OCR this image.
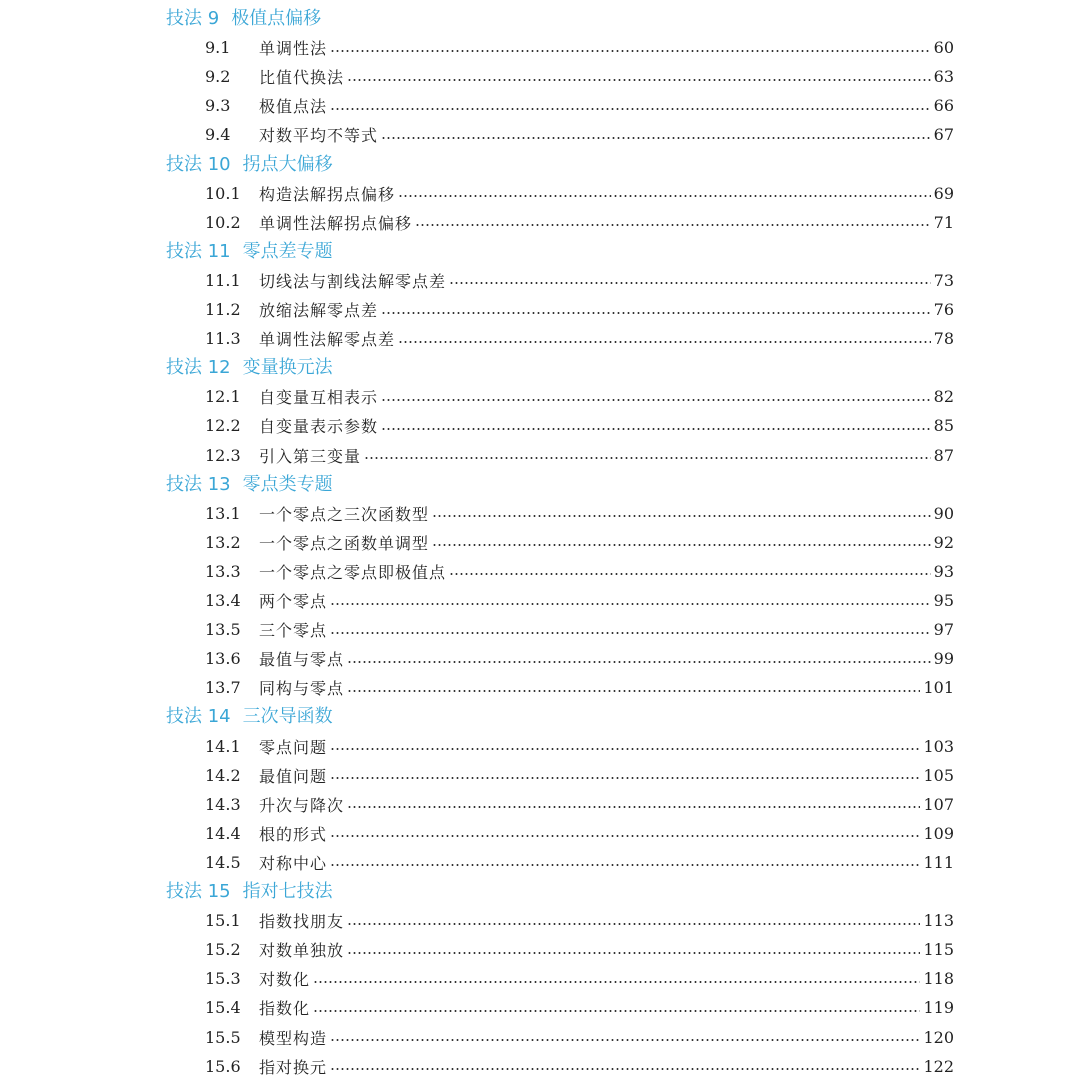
技法 9 极值点偏移
9.1	单调性法	60
9.2	比值代换法	63
9.3	极值点法	66
9.4	对数平均不等式	67
技法 10 拐点大偏移
10.1	构造法解拐点偏移	69
10.2	单调性法解拐点偏移	71
技法 11 零点差专题
11.1	切线法与割线法解零点差	73
11.2	放缩法解零点差	76
11.3	单调性法解零点差	78
技法 12 变量换元法
12.1	自变量互相表示	82
12.2	自变量表示参数	85
12.3	引入第三变量	87
技法 13 零点类专题
13.1	一个零点之三次函数型	90
13.2	一个零点之函数单调型	92
13.3	一个零点之零点即极值点	93
13.4	两个零点	95
13.5	三个零点	97
13.6	最值与零点	99
13.7	同构与零点	101
技法 14 三次导函数
14.1	零点问题	103
14.2	最值问题	105
14.3	升次与降次	107
14.4	根的形式	109
14.5	对称中心	111
技法 15 指对七技法
15.1	指数找朋友	113
15.2	对数单独放	115
15.3	对数化	118
15.4	指数化	119
15.5	模型构造	120
15.6	指对换元	122
